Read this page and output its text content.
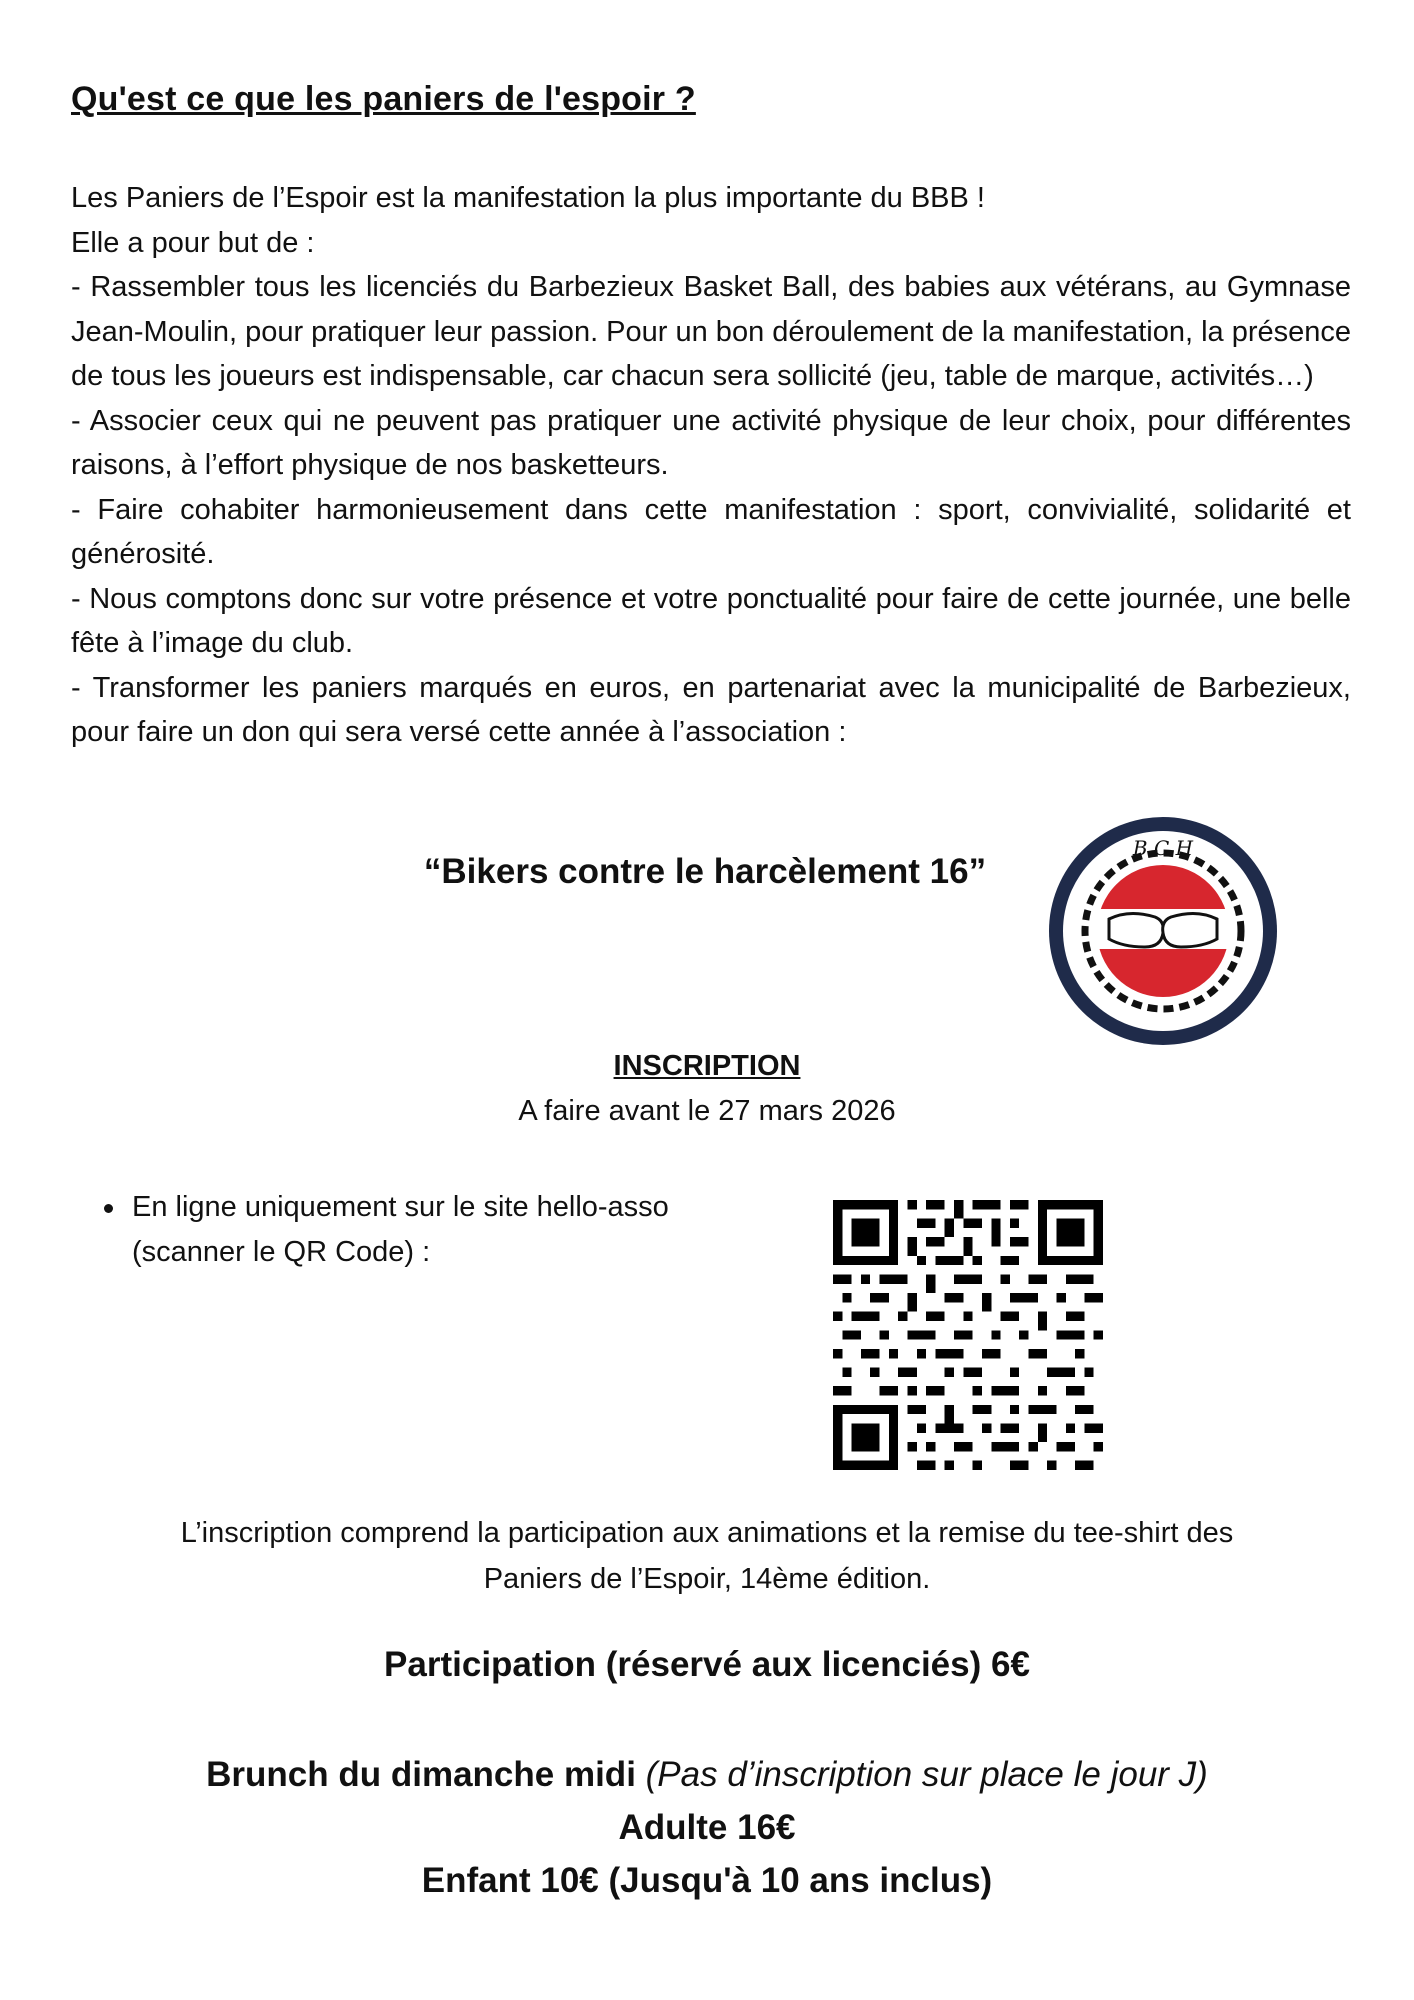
Qu'est ce que les paniers de l'espoir ?

Les Paniers de l’Espoir est la manifestation la plus importante du BBB !

Elle a pour but de :

- Rassembler tous les licenciés du Barbezieux Basket Ball, des babies aux vétérans, au Gymnase Jean-Moulin, pour pratiquer leur passion. Pour un bon déroulement de la manifestation, la présence de tous les joueurs est indispensable, car chacun sera sollicité (jeu, table de marque, activités…)

- Associer ceux qui ne peuvent pas pratiquer une activité physique de leur choix, pour différentes raisons, à l’effort physique de nos basketteurs.

- Faire cohabiter harmonieusement dans cette manifestation : sport, convivialité, solidarité et générosité.

- Nous comptons donc sur votre présence et votre ponctualité pour faire de cette journée, une belle fête à l’image du club.

- Transformer les paniers marqués en euros, en partenariat avec la municipalité de Barbezieux, pour faire un don qui sera versé cette année à l’association :

“Bikers contre le harcèlement 16”
B C H
INSCRIPTION
A faire avant le 27 mars 2026
En ligne uniquement sur le site hello-asso
(scanner le QR Code) :
L’inscription comprend la participation aux animations et la remise du tee-shirt des
Paniers de l’Espoir, 14ème édition.
Participation (réservé aux licenciés) 6€
Brunch du dimanche midi (Pas d’inscription sur place le jour J)
Adulte 16€
Enfant 10€ (Jusqu'à 10 ans inclus)
